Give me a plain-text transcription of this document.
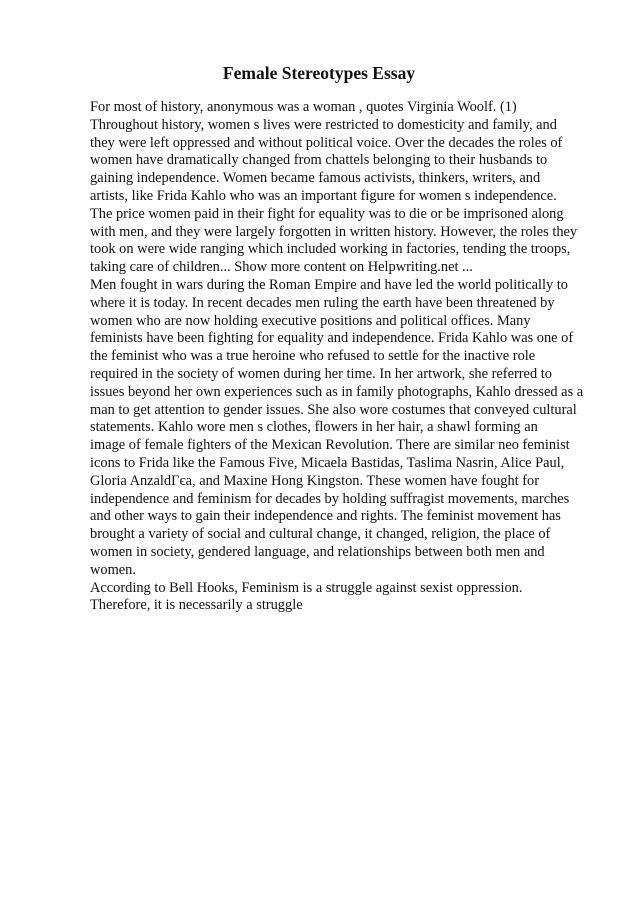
Female Stereotypes Essay
For most of history, anonymous was a woman , quotes Virginia Woolf. (1)
Throughout history, women s lives were restricted to domesticity and family, and
they were left oppressed and without political voice. Over the decades the roles of
women have dramatically changed from chattels belonging to their husbands to
gaining independence. Women became famous activists, thinkers, writers, and
artists, like Frida Kahlo who was an important figure for women s independence.
The price women paid in their fight for equality was to die or be imprisoned along
with men, and they were largely forgotten in written history. However, the roles they
took on were wide ranging which included working in factories, tending the troops,
taking care of children... Show more content on Helpwriting.net ...
Men fought in wars during the Roman Empire and have led the world politically to
where it is today. In recent decades men ruling the earth have been threatened by
women who are now holding executive positions and political offices. Many
feminists have been fighting for equality and independence. Frida Kahlo was one of
the feminist who was a true heroine who refused to settle for the inactive role
required in the society of women during her time. In her artwork, she referred to
issues beyond her own experiences such as in family photographs, Kahlo dressed as a
man to get attention to gender issues. She also wore costumes that conveyed cultural
statements. Kahlo wore men s clothes, flowers in her hair, a shawl forming an
image of female fighters of the Mexican Revolution. There are similar neo feminist
icons to Frida like the Famous Five, Micaela Bastidas, Taslima Nasrin, Alice Paul,
Gloria AnzaldГєa, and Maxine Hong Kingston. These women have fought for
independence and feminism for decades by holding suffragist movements, marches
and other ways to gain their independence and rights. The feminist movement has
brought a variety of social and cultural change, it changed, religion, the place of
women in society, gendered language, and relationships between both men and
women.
According to Bell Hooks, Feminism is a struggle against sexist oppression.
Therefore, it is necessarily a struggle
